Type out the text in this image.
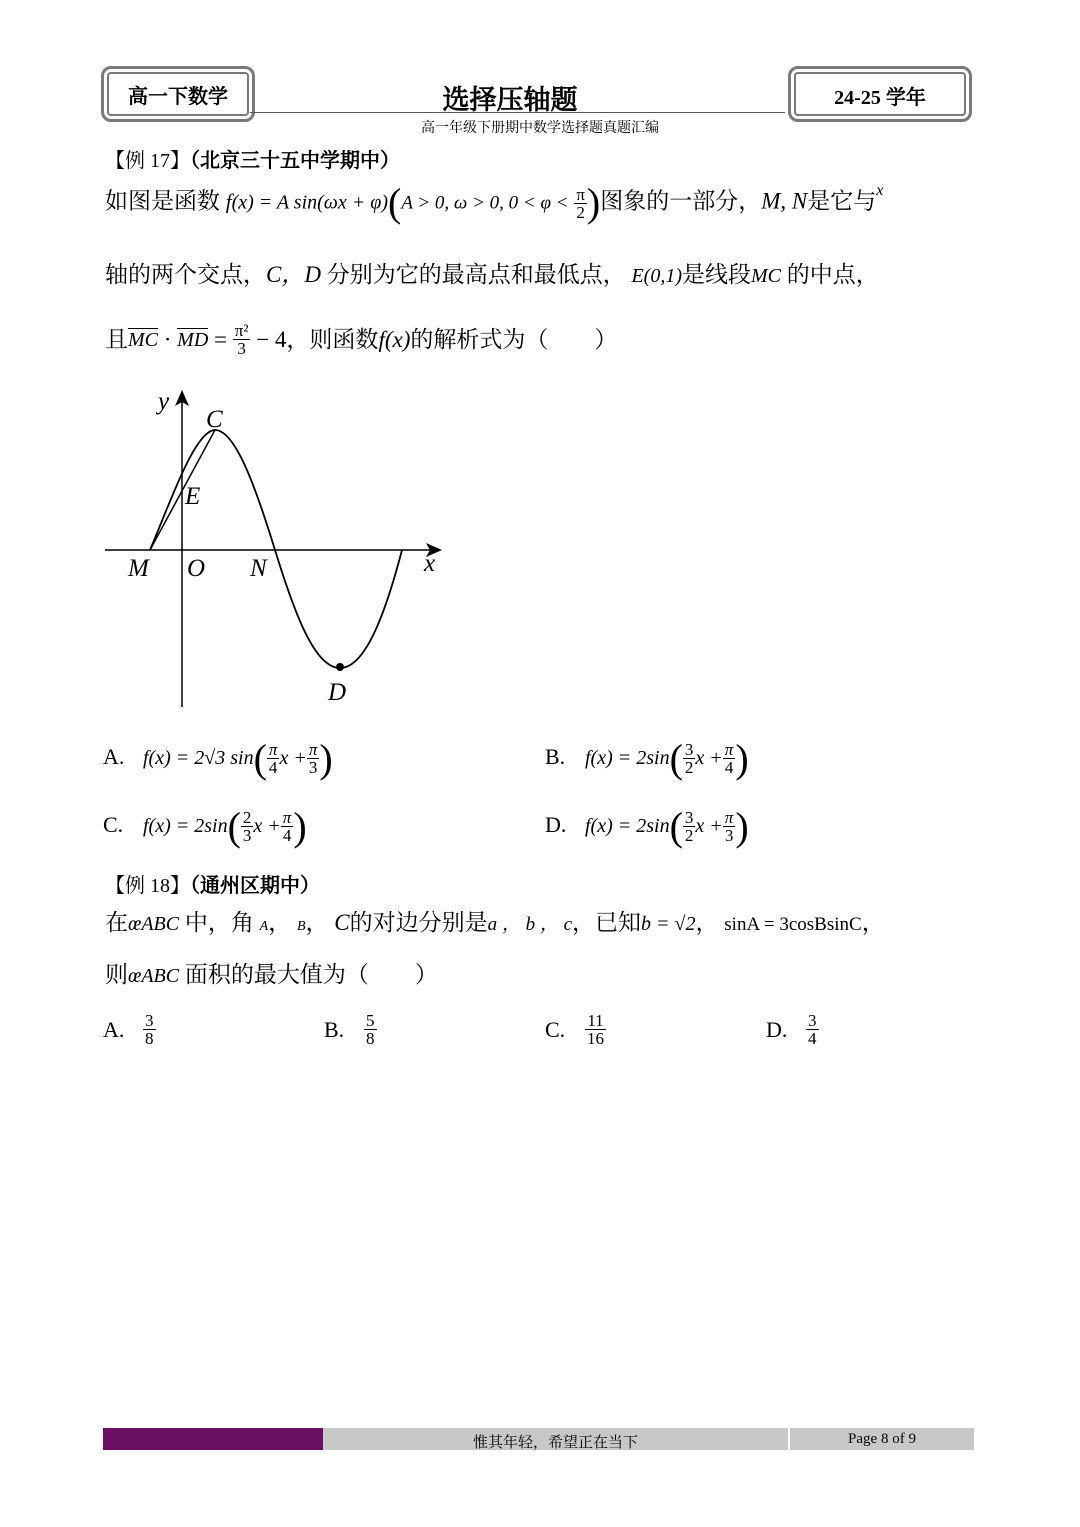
高一下数学	24-25 学年
选择压轴题
高一年级下册期中数学选择题真题汇编
【例 17】（北京三十五中学期中）
如图是函数 f(x) = A sin(ωx + φ)(A > 0, ω > 0, $0 < \varphi < \frac{\pi}{2}$ )图象的一部分，M, N是它与$^x$
轴的两个交点，C，D 分别为它的最高点和最低点， E(0,1)是线段MC 的中点，
且MC · MD = $\frac{\text{π²}}{3} - 4$，则函数f(x)的解析式为（　　）
y
C
E
M O N	x
D
A. f(x) = 2√3 $\sin( \frac{\pi}{4}$ $x + \frac{\pi}{3}$ )	B. $f(x) = 2\sin( \frac{3}{2}$ $x + \frac{\pi}{4}$ )
C. $f(x) = 2\sin( \frac{2}{3}$ $x + \frac{\pi}{4}$ )	D. $f(x) = 2\sin( \frac{3}{2}$ $x + \frac{\pi}{3}$ )
【例 18】（通州区期中）
在œABC 中，角 A， B， C的对边分别是a ， b ， c，已知b = √2， sinA = 3cosBsinC，
则œABC 面积的最大值为（　　）
A. $\frac{3}{8}$	B. $\frac{5}{8}$	C. $\frac{11}{16}$	D. $\frac{3}{4}$
惟其年轻，希望正在当下	Page 8 of 9
